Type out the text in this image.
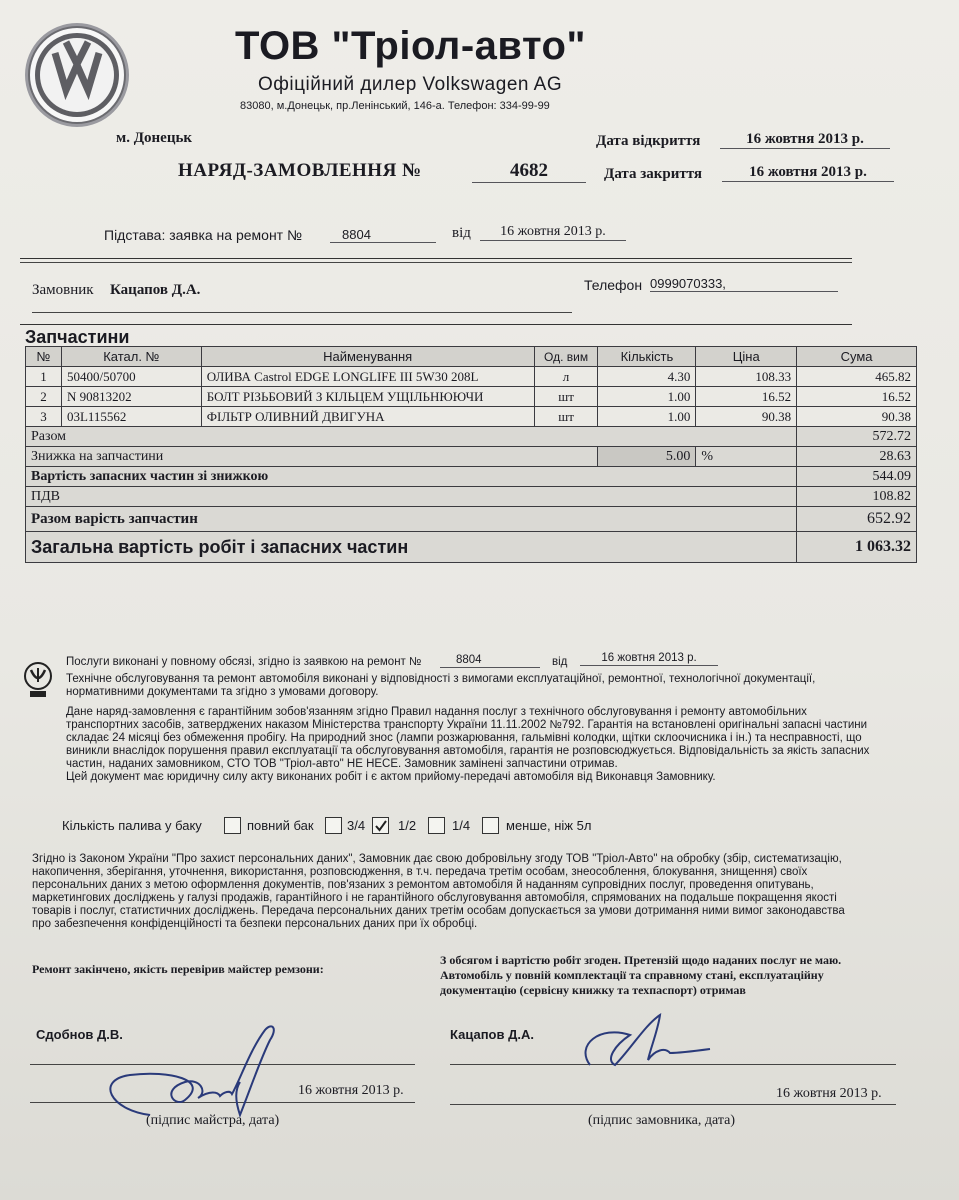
ТОВ "Тріол-авто"
Офіційний дилер Volkswagen AG
83080, м.Донецьк, пр.Ленінський, 146-а. Телефон: 334-99-99
м. Донецьк	Дата відкриття	16 жовтня 2013 р.
НАРЯД-ЗАМОВЛЕННЯ №	4682	Дата закриття	16 жовтня 2013 р.
Підстава: заявка на ремонт №	8804	від	16 жовтня 2013 р.
Замовник Кацапов Д.А.	Телефон 0999070333,
Запчастини
№	Катал. №	Найменування	Од. вим	Кількість	Ціна	Сума
1	50400/50700	ОЛИВА Castrol EDGE LONGLIFE III 5W30 208L	л	4.30	108.33	465.82
2	N 90813202	БОЛТ РІЗЬБОВИЙ З КІЛЬЦЕМ УЩІЛЬНЮЮЧИ	шт	1.00	16.52	16.52
3	03L115562	ФІЛЬТР ОЛИВНИЙ ДВИГУНА	шт	1.00	90.38	90.38
Разом						572.72
Знижка на запчастини				5.00	%	28.63
Вартість запасних частин зі знижкою						544.09
ПДВ						108.82
Разом варість запчастин						652.92
Загальна вартість робіт і запасних частин						1 063.32
Послуги виконані у повному обсязі, згідно із заявкою на ремонт №	8804	від	16 жовтня 2013 р.
Технічне обслуговування та ремонт автомобіля виконані у відповідності з вимогами експлуатаційної, ремонтної, технологічної документації,
нормативними документами та згідно з умовами договору.
Дане наряд-замовлення є гарантійним зобов'язанням згідно Правил надання послуг з технічного обслуговування і ремонту автомобільних
транспортних засобів, затверджених наказом Міністерства транспорту України 11.11.2002 №792. Гарантія на встановлені оригінальні запасні частини
складає 24 місяці без обмеження пробігу. На природний знос (лампи розжарювання, гальмівні колодки, щітки склоочисника і ін.) та несправності, що
виникли внаслідок порушення правил експлуатації та обслуговування автомобіля, гарантія не розповсюджується. Відповідальність за якість запасних
частин, наданих замовником, СТО ТОВ "Тріол-авто" НЕ НЕСЕ. Замовник замінені запчастини отримав.
Цей документ має юридичну силу акту виконаних робіт і є актом прийому-передачі автомобіля від Виконавця Замовнику.
Кількість палива у баку	повний бак	3/4	1/2	1/4	менше, ніж 5л
Згідно із Законом України "Про захист персональних даних", Замовник дає свою добровільну згоду ТОВ "Тріол-Авто" на обробку (збір, систематизацію,
накопичення, зберігання, уточнення, використання, розповсюдження, в т.ч. передача третім особам, знеособлення, блокування, знищення) своїх
персональних даних з метою оформлення документів, пов'язаних з ремонтом автомобіля й наданням супровідних послуг, проведення опитувань,
маркетингових досліджень у галузі продажів, гарантійного і не гарантійного обслуговування автомобіля, спрямованих на подальше покращення якості
товарів і послуг, статистичних досліджень. Передача персональних даних третім особам допускається за умови дотримання ними вимог законодавства
про забезпечення конфіденційності та безпеки персональних даних при їх обробці.
Ремонт закінчено, якість перевірив майстер ремзони:
З обсягом і вартістю робіт згоден. Претензій щодо наданих послуг не маю.
Автомобіль у повній комплектації та справному стані, експлуатаційну
документацію (сервісну книжку та техпаспорт) отримав
Сдобнов Д.В.	Кацапов Д.А.
16 жовтня 2013 р.	16 жовтня 2013 р.
(підпис майстра, дата)	(підпис замовника, дата)
